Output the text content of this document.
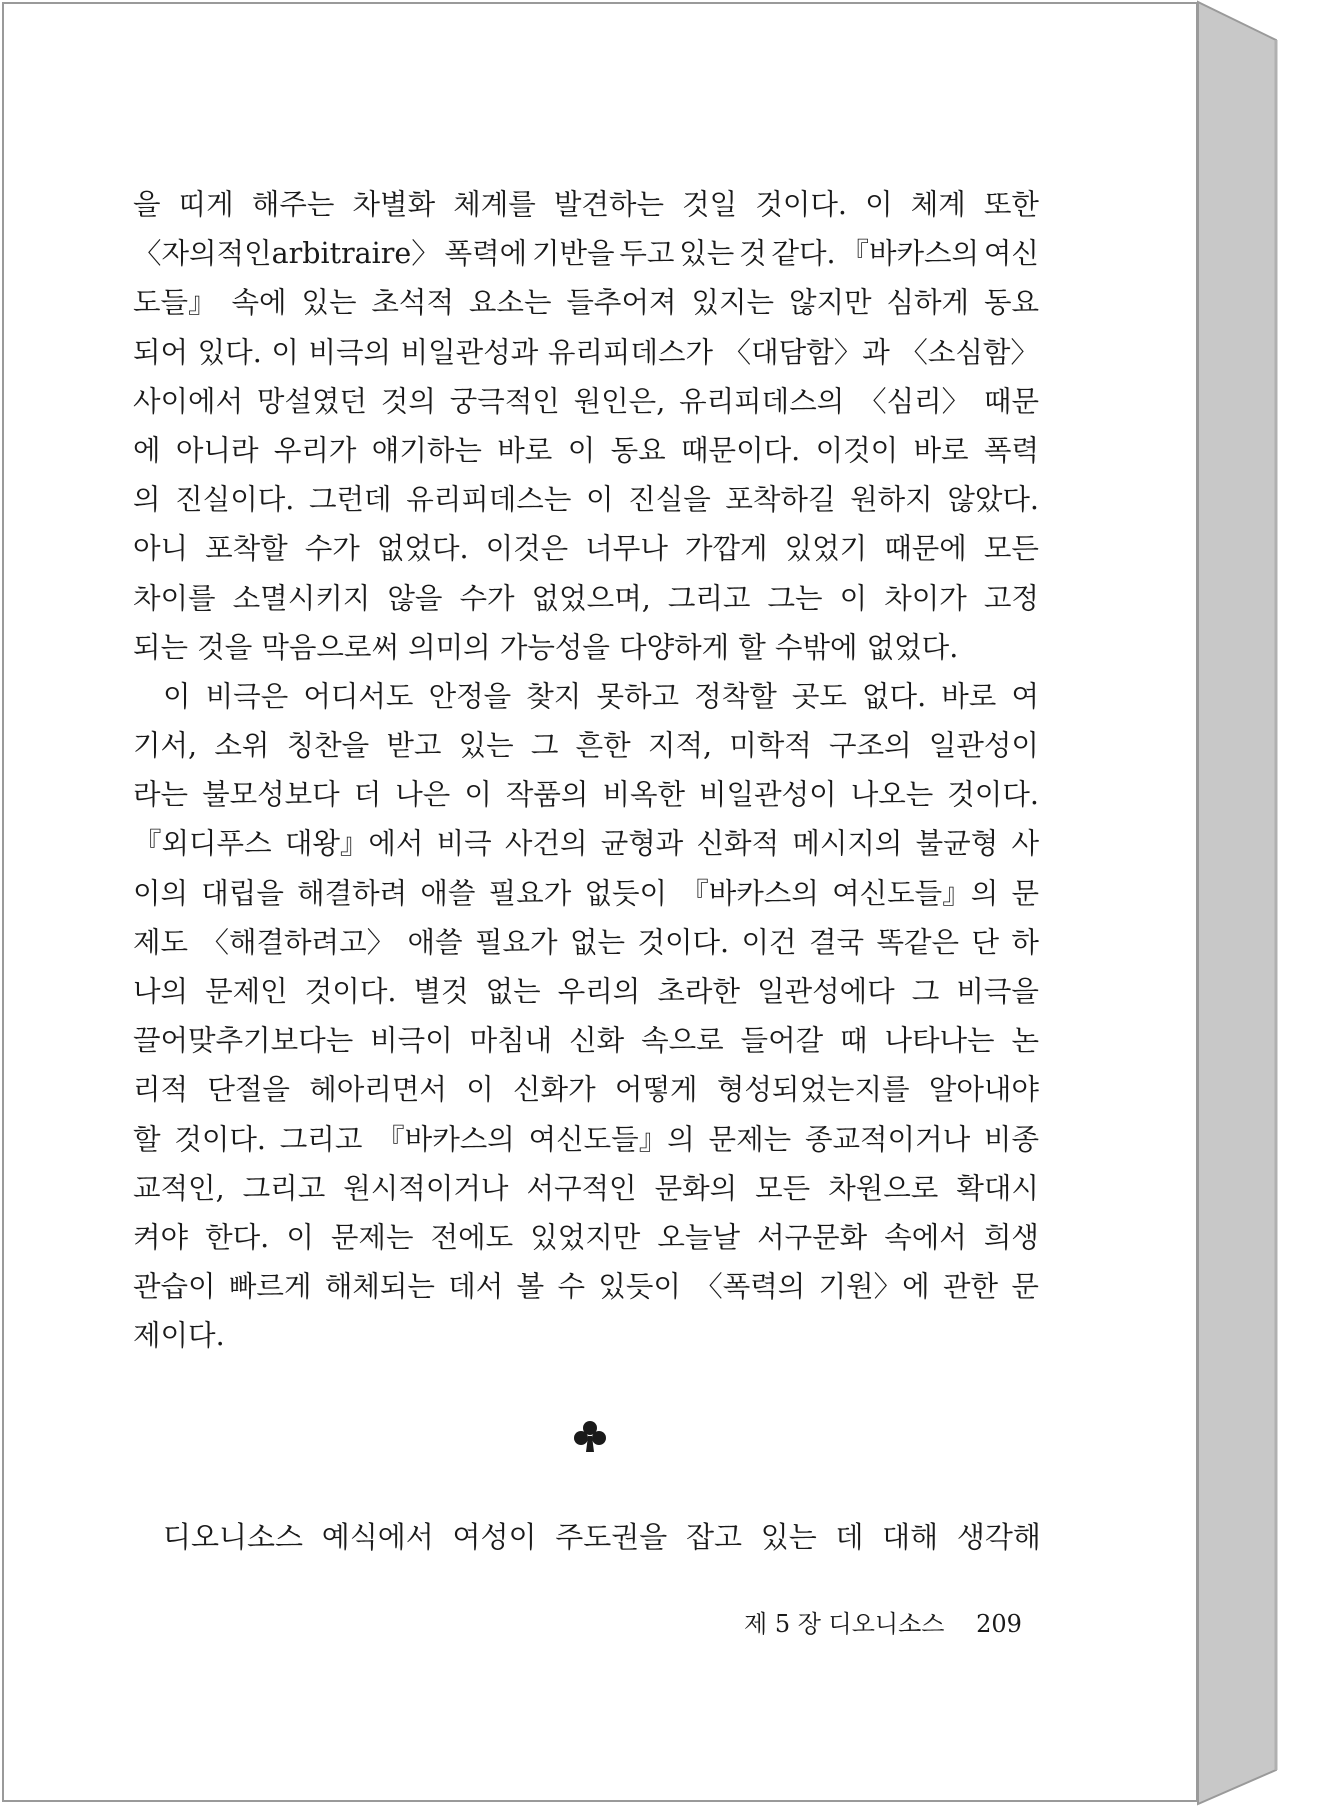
을 띠게 해주는 차별화 체계를 발견하는 것일 것이다. 이 체계 또한
〈자의적인arbitraire〉 폭력에 기반을 두고 있는 것 같다. 『바카스의 여신
도들』 속에 있는 초석적 요소는 들추어져 있지는 않지만 심하게 동요
되어 있다. 이 비극의 비일관성과 유리피데스가 〈대담함〉과 〈소심함〉
사이에서 망설였던 것의 궁극적인 원인은, 유리피데스의 〈심리〉 때문
에 아니라 우리가 얘기하는 바로 이 동요 때문이다. 이것이 바로 폭력
의 진실이다. 그런데 유리피데스는 이 진실을 포착하길 원하지 않았다.
아니 포착할 수가 없었다. 이것은 너무나 가깝게 있었기 때문에 모든
차이를 소멸시키지 않을 수가 없었으며, 그리고 그는 이 차이가 고정
되는 것을 막음으로써 의미의 가능성을 다양하게 할 수밖에 없었다.
이 비극은 어디서도 안정을 찾지 못하고 정착할 곳도 없다. 바로 여
기서, 소위 칭찬을 받고 있는 그 흔한 지적, 미학적 구조의 일관성이
라는 불모성보다 더 나은 이 작품의 비옥한 비일관성이 나오는 것이다.
『외디푸스 대왕』에서 비극 사건의 균형과 신화적 메시지의 불균형 사
이의 대립을 해결하려 애쓸 필요가 없듯이 『바카스의 여신도들』의 문
제도 〈해결하려고〉 애쓸 필요가 없는 것이다. 이건 결국 똑같은 단 하
나의 문제인 것이다. 별것 없는 우리의 초라한 일관성에다 그 비극을
끌어맞추기보다는 비극이 마침내 신화 속으로 들어갈 때 나타나는 논
리적 단절을 헤아리면서 이 신화가 어떻게 형성되었는지를 알아내야
할 것이다. 그리고 『바카스의 여신도들』의 문제는 종교적이거나 비종
교적인, 그리고 원시적이거나 서구적인 문화의 모든 차원으로 확대시
켜야 한다. 이 문제는 전에도 있었지만 오늘날 서구문화 속에서 희생
관습이 빠르게 해체되는 데서 볼 수 있듯이 〈폭력의 기원〉에 관한 문
제이다.
디오니소스 예식에서 여성이 주도권을 잡고 있는 데 대해 생각해
제 5 장 디오니소스 209
